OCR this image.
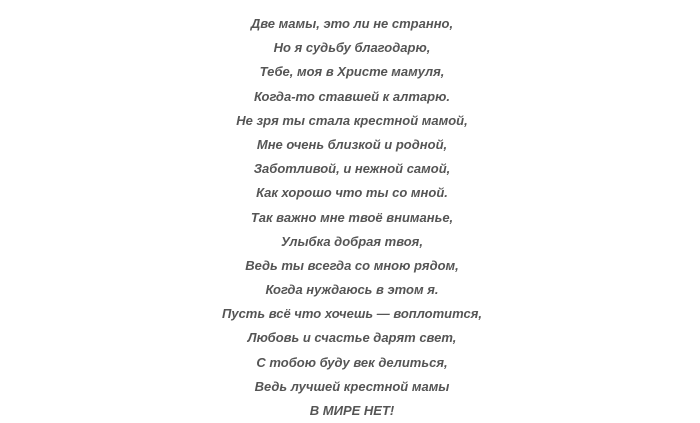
Две мамы, это ли не странно,
Но я судьбу благодарю,
Тебе, моя в Христе мамуля,
Когда-то ставшей к алтарю.
Не зря ты стала крестной мамой,
Мне очень близкой и родной,
Заботливой, и нежной самой,
Как хорошо что ты со мной.
Так важно мне твоё вниманье,
Улыбка добрая твоя,
Ведь ты всегда со мною рядом,
Когда нуждаюсь в этом я.
Пусть всё что хочешь — воплотится,
Любовь и счастье дарят свет,
С тобою буду век делиться,
Ведь лучшей крестной мамы
В МИРЕ НЕТ!
